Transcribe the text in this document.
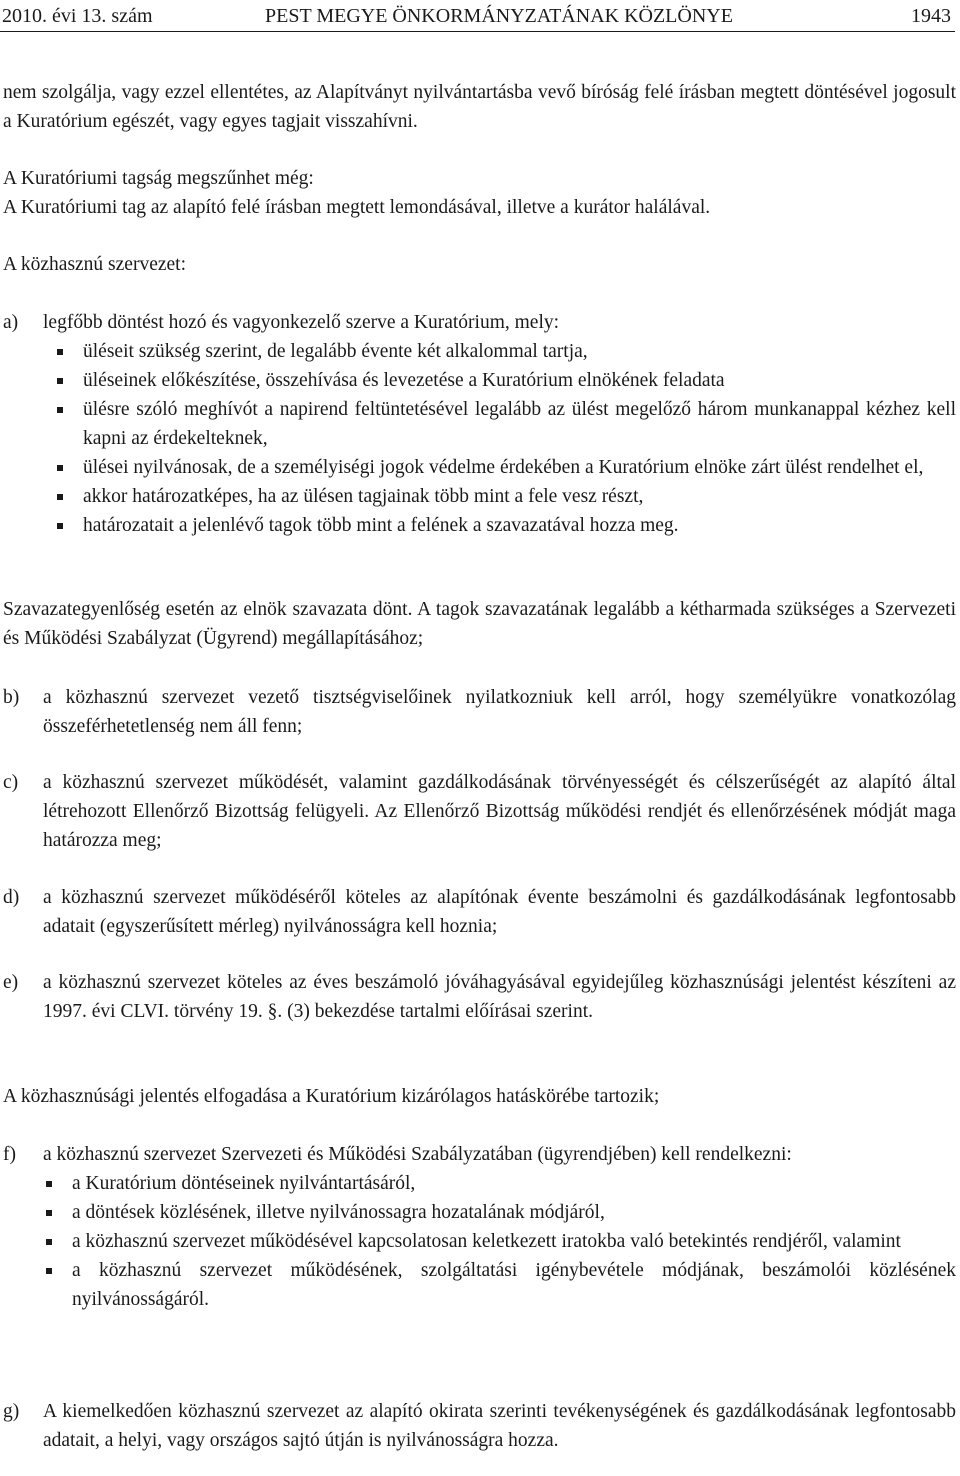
2010. évi 13. szám	PEST MEGYE ÖNKORMÁNYZATÁNAK KÖZLÖNYE	1943
nem szolgálja, vagy ezzel ellentétes, az Alapítványt nyilvántartásba vevő bíróság felé írásban megtett döntésével jogosult a Kuratórium egészét, vagy egyes tagjait visszahívni.
A Kuratóriumi tagság megszűnhet még:
A Kuratóriumi tag az alapító felé írásban megtett lemondásával, illetve a kurátor halálával.
A közhasznú szervezet:
a) legfőbb döntést hozó és vagyonkezelő szerve a Kuratórium, mely:
üléseit szükség szerint, de legalább évente két alkalommal tartja,
üléseinek előkészítése, összehívása és levezetése a Kuratórium elnökének feladata
ülésre szóló meghívót a napirend feltüntetésével legalább az ülést megelőző három munkanappal kézhez kell kapni az érdekelteknek,
ülései nyilvánosak, de a személyiségi jogok védelme érdekében a Kuratórium elnöke zárt ülést rendelhet el,
akkor határozatképes, ha az ülésen tagjainak több mint a fele vesz részt,
határozatait a jelenlévő tagok több mint a felének a szavazatával hozza meg.
Szavazategyenlőség esetén az elnök szavazata dönt. A tagok szavazatának legalább a kétharmada szükséges a Szervezeti és Működési Szabályzat (Ügyrend) megállapításához;
b) a közhasznú szervezet vezető tisztségviselőinek nyilatkozniuk kell arról, hogy személyükre vonatkozólag összeférhetetlenség nem áll fenn;
c) a közhasznú szervezet működését, valamint gazdálkodásának törvényességét és célszerűségét az alapító által létrehozott Ellenőrző Bizottság felügyeli. Az Ellenőrző Bizottság működési rendjét és ellenőrzésének módját maga határozza meg;
d) a közhasznú szervezet működéséről köteles az alapítónak évente beszámolni és gazdálkodásának legfontosabb adatait (egyszerűsített mérleg) nyilvánosságra kell hoznia;
e) a közhasznú szervezet köteles az éves beszámoló jóváhagyásával egyidejűleg közhasznúsági jelentést készíteni az 1997. évi CLVI. törvény 19. §. (3) bekezdése tartalmi előírásai szerint.
A közhasznúsági jelentés elfogadása a Kuratórium kizárólagos hatáskörébe tartozik;
f) a közhasznú szervezet Szervezeti és Működési Szabályzatában (ügyrendjében) kell rendelkezni:
a Kuratórium döntéseinek nyilvántartásáról,
a döntések közlésének, illetve nyilvánossagra hozatalának módjáról,
a közhasznú szervezet működésével kapcsolatosan keletkezett iratokba való betekintés rendjéről, valamint
a közhasznú szervezet működésének, szolgáltatási igénybevétele módjának, beszámolói közlésének nyilvánosságáról.
g) A kiemelkedően közhasznú szervezet az alapító okirata szerinti tevékenységének és gazdálkodásának legfontosabb adatait, a helyi, vagy országos sajtó útján is nyilvánosságra hozza.
